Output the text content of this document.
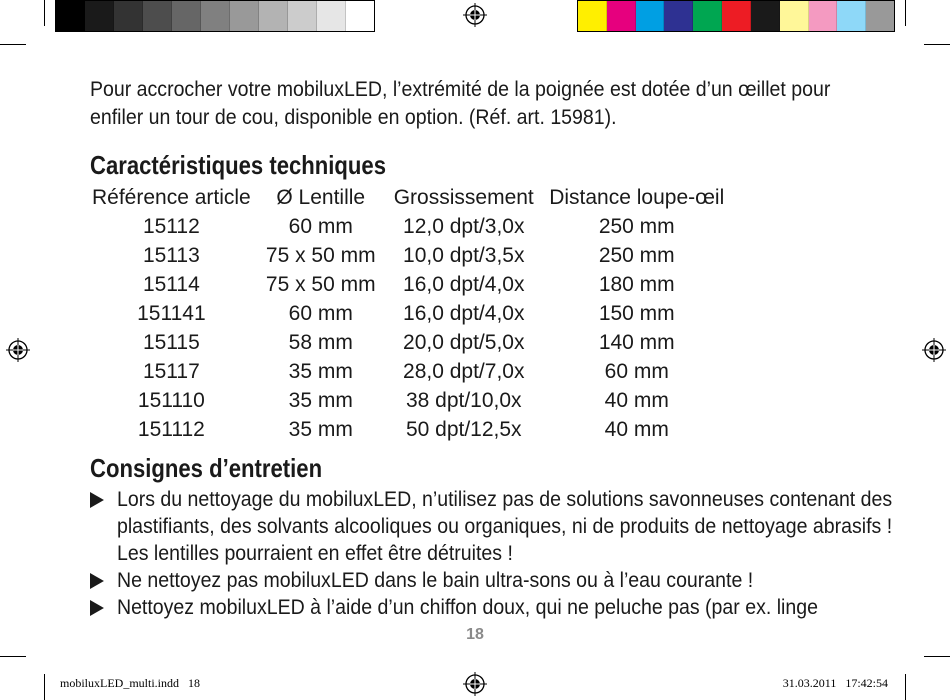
Pour accrocher votre mobiluxLED, l’extrémité de la poignée est dotée d’un œillet pour enfiler un tour de cou, disponible en option. (Réf. art. 15981).

Caractéristiques techniques
Référence article	Ø Lentille	Grossissement	Distance loupe-œil
15112	60 mm	12,0 dpt/3,0x	250 mm
15113	75 x 50 mm	10,0 dpt/3,5x	250 mm
15114	75 x 50 mm	16,0 dpt/4,0x	180 mm
151141	60 mm	16,0 dpt/4,0x	150 mm
15115	58 mm	20,0 dpt/5,0x	140 mm
15117	35 mm	28,0 dpt/7,0x	60 mm
151110	35 mm	38 dpt/10,0x	40 mm
151112	35 mm	50 dpt/12,5x	40 mm
Consignes d’entretien
Lors du nettoyage du mobiluxLED, n’utilisez pas de solutions savonneuses contenant des plastifiants, des solvants alcooliques ou organiques, ni de produits de nettoyage abrasifs ! Les lentilles pourraient en effet être détruites !
Ne nettoyez pas mobiluxLED dans le bain ultra-sons ou à l’eau courante !
Nettoyez mobiluxLED à l’aide d’un chiffon doux, qui ne peluche pas (par ex. linge
18
mobiluxLED_multi.indd   18	31.03.2011   17:42:54
